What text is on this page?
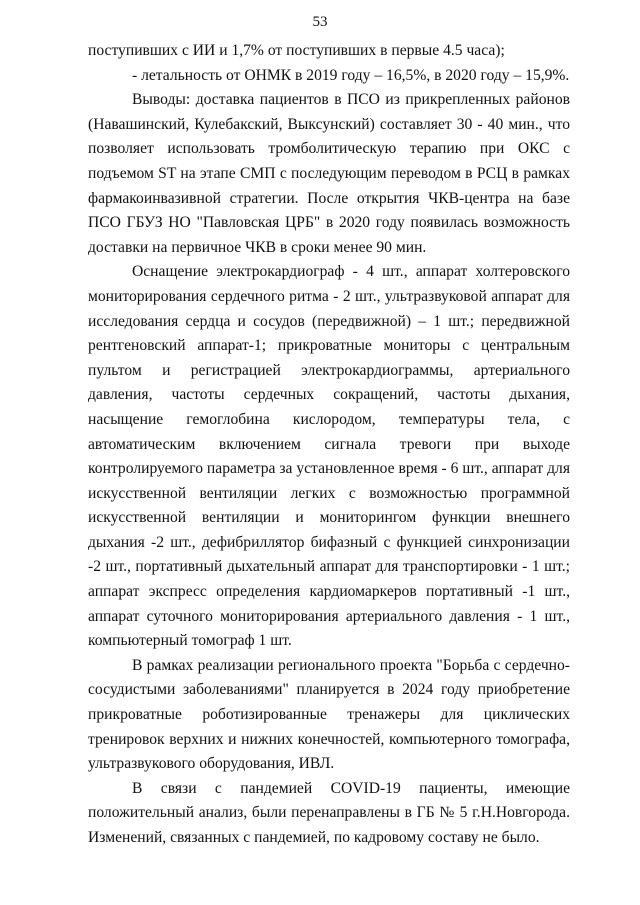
53

поступивших с ИИ и 1,7% от поступивших в первые 4.5 часа);

- летальность от ОНМК в 2019 году – 16,5%, в 2020 году – 15,9%.

Выводы: доставка пациентов в ПСО из прикрепленных районов (Навашинский, Кулебакский, Выксунский) составляет 30 - 40 мин., что позволяет использовать тромболитическую терапию при ОКС с подъемом ST на этапе СМП с последующим переводом в РСЦ в рамках фармакоинвазивной стратегии. После открытия ЧКВ-центра на базе ПСО ГБУЗ НО "Павловская ЦРБ" в 2020 году появилась возможность доставки на первичное ЧКВ в сроки менее 90 мин.

Оснащение электрокардиограф - 4 шт., аппарат холтеровского мониторирования сердечного ритма - 2 шт., ультразвуковой аппарат для исследования сердца и сосудов (передвижной) – 1 шт.; передвижной рентгеновский аппарат-1; прикроватные мониторы с центральным пультом и регистрацией электрокардиограммы, артериального давления, частоты сердечных сокращений, частоты дыхания, насыщение гемоглобина кислородом, температуры тела, с автоматическим включением сигнала тревоги при выходе контролируемого параметра за установленное время - 6 шт., аппарат для искусственной вентиляции легких с возможностью программной искусственной вентиляции и мониторингом функции внешнего дыхания -2 шт., дефибриллятор бифазный с функцией синхронизации -2 шт., портативный дыхательный аппарат для транспортировки - 1 шт.; аппарат экспресс определения кардиомаркеров портативный -1 шт., аппарат суточного мониторирования артериального давления - 1 шт., компьютерный томограф 1 шт.

В рамках реализации регионального проекта "Борьба с сердечно-сосудистыми заболеваниями" планируется в 2024 году приобретение прикроватные роботизированные тренажеры для циклических тренировок верхних и нижних конечностей, компьютерного томографа, ультразвукового оборудования, ИВЛ.

В связи с пандемией COVID-19 пациенты, имеющие положительный анализ, были перенаправлены в ГБ № 5 г.Н.Новгорода. Изменений, связанных с пандемией, по кадровому составу не было.
